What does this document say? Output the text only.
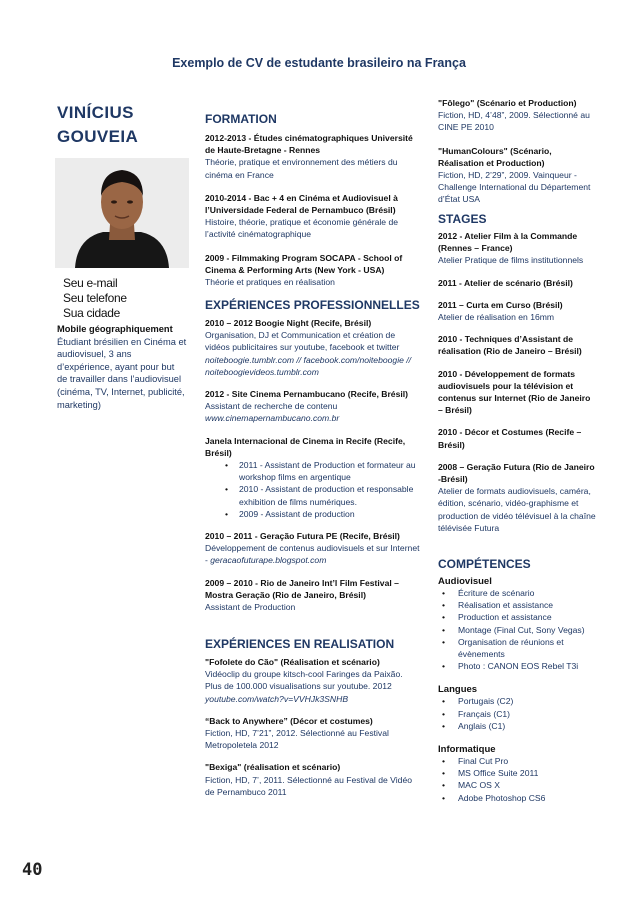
Exemplo de CV de estudante brasileiro na França
VINÍCIUS
GOUVEIA
Seu e-mail
Seu telefone
Sua cidade
Mobile géographiquement
Étudiant brésilien en Cinéma et audiovisuel, 3 ans d’expérience, ayant pour but de travailler dans l’audiovisuel (cinéma, TV, Internet, publicité, marketing)
FORMATION
2012-2013 - Études cinématographiques Université de Haute-Bretagne - Rennes
Théorie, pratique et environnement des métiers du cinéma en France
2010-2014 - Bac + 4 en Cinéma et Audiovisuel à l’Universidade Federal de Pernambuco (Brésil)
Histoire, théorie, pratique et économie générale de l’activité cinématographique
2009 - Filmmaking Program SOCAPA - School of Cinema & Performing Arts (New York - USA)
Théorie et pratiques en réalisation
EXPÉRIENCES PROFESSIONNELLES
2010 – 2012 Boogie Night (Recife, Brésil)
Organisation, DJ et Communication et création de vidéos publicitaires sur youtube, facebook et twitter
noiteboogie.tumblr.com // facebook.com/noiteboogie // noiteboogievideos.tumblr.com
2012 - Site Cinema Pernambucano (Recife, Brésil)
Assistant de recherche de contenu
www.cinemapernambucano.com.br
Janela Internacional de Cinema in Recife (Recife, Brésil)
• 2011 - Assistant de Production et formateur au workshop films en argentique
• 2010 - Assistant de production et responsable exhibition de films numériques.
• 2009 - Assistant de production
2010 – 2011 - Geração Futura PE (Recife, Brésil)
Développement de contenus audiovisuels et sur Internet - geracaofuturape.blogspot.com
2009 – 2010 - Rio de Janeiro Int’l Film Festival – Mostra Geração (Rio de Janeiro, Brésil)
Assistant de Production
EXPÉRIENCES EN REALISATION
"Fofolete do Cão" (Réalisation et scénario)
Vidéoclip du groupe kitsch-cool Faringes da Paixão. Plus de 100.000 visualisations sur youtube. 2012
youtube.com/watch?v=VVHJk3SNHB
“Back to Anywhere” (Décor et costumes)
Fiction, HD, 7’21”, 2012. Sélectionné au Festival Metropoletela 2012
"Bexiga" (réalisation et scénario)
Fiction, HD, 7’, 2011. Sélectionné au Festival de Vidéo de Pernambuco 2011
"Fôlego" (Scénario et Production)
Fiction, HD, 4’48”, 2009. Sélectionné au CINE PE 2010
"HumanColours" (Scénario, Réalisation et Production)
Fiction, HD, 2’29”, 2009. Vainqueur - Challenge International du Département d’État USA
STAGES
2012 - Atelier Film à la Commande (Rennes – France)
Atelier Pratique de films institutionnels
2011 - Atelier de scénario (Brésil)
2011 – Curta em Curso (Brésil)
Atelier de réalisation en 16mm
2010 - Techniques d’Assistant de réalisation (Rio de Janeiro – Brésil)
2010 - Développement de formats audiovisuels pour la télévision et contenus sur Internet (Rio de Janeiro – Brésil)
2010 - Décor et Costumes (Recife – Brésil)
2008 – Geração Futura (Rio de Janeiro -Brésil)
Atelier de formats audiovisuels, caméra, édition, scénario, vidéo-graphisme et production de vidéo télévisuel à la chaîne télévisée Futura
COMPÉTENCES
Audiovisuel
• Écriture de scénario
• Réalisation et assistance
• Production et assistance
• Montage (Final Cut, Sony Vegas)
• Organisation de réunions et évènements
• Photo : CANON EOS Rebel T3i
Langues
• Portugais (C2)
• Français (C1)
• Anglais (C1)
Informatique
• Final Cut Pro
• MS Office Suite 2011
• MAC OS X
• Adobe Photoshop CS6
40
